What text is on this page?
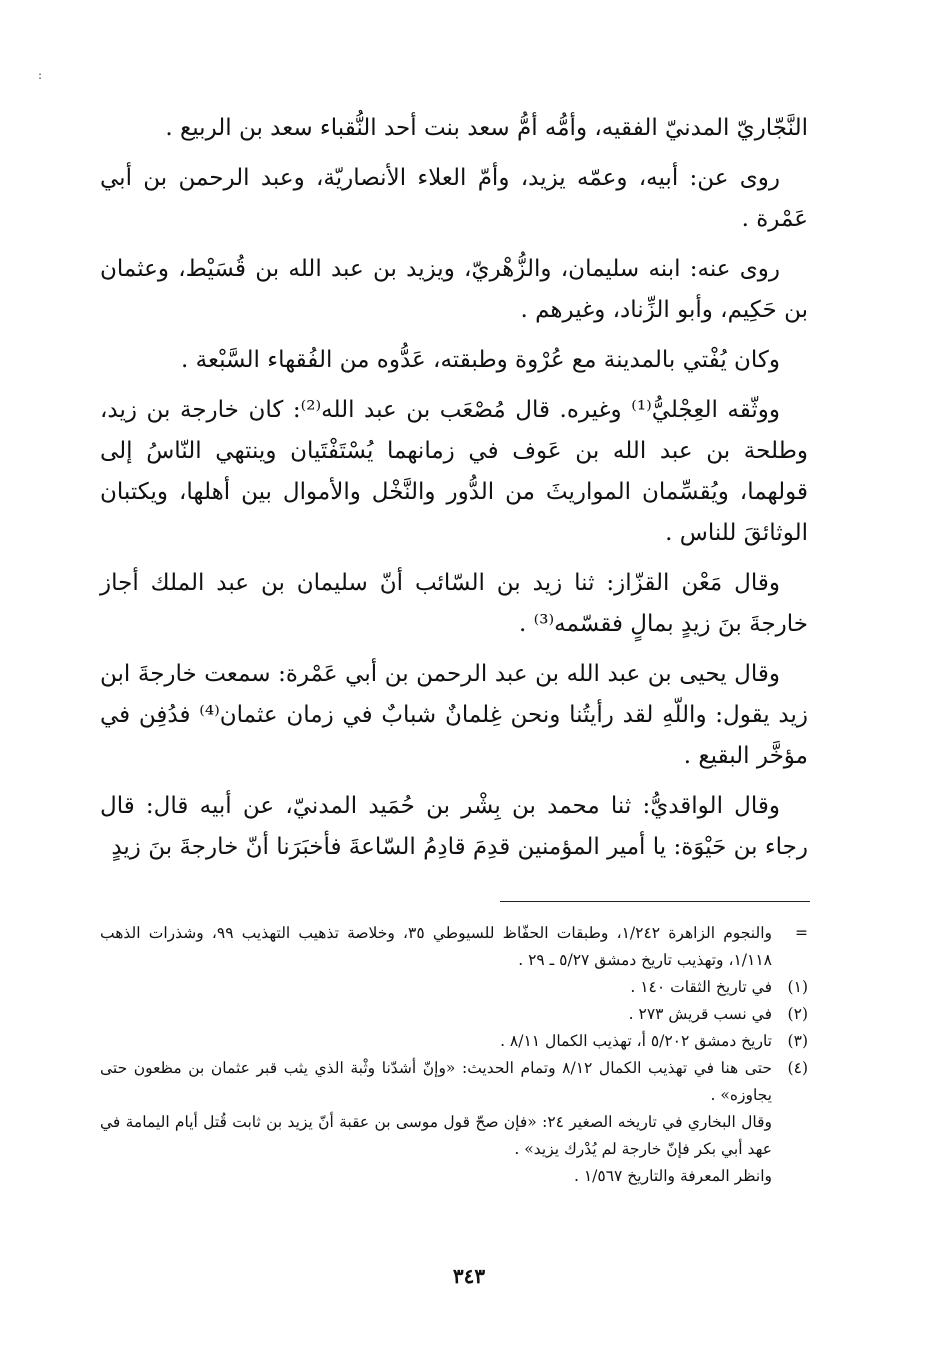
:

النَّجّاريّ المدنيّ الفقيه، وأمُّه أمُّ سعد بنت أحد النُّقباء سعد بن الربيع .

روى عن: أبيه، وعمّه يزيد، وأمّ العلاء الأنصاريّة، وعبد الرحمن بن أبي عَمْرة .

روى عنه: ابنه سليمان، والزُّهْريّ، ويزيد بن عبد الله بن قُسَيْط، وعثمان بن حَكِيم، وأبو الزِّناد، وغيرهم .

وكان يُفْتي بالمدينة مع عُرْوة وطبقته، عَدُّوه من الفُقهاء السَّبْعة .

ووثّقه العِجْليُّ⁽¹⁾ وغيره. قال مُصْعَب بن عبد الله⁽²⁾: كان خارجة بن زيد، وطلحة بن عبد الله بن عَوف في زمانهما يُسْتَفْتَيان وينتهي النّاسُ إلى قولهما، ويُقسِّمان المواريثَ من الدُّور والنَّخْل والأموال بين أهلها، ويكتبان الوثائقَ للناس .

وقال مَعْن القزّاز: ثنا زيد بن السّائب أنّ سليمان بن عبد الملك أجاز خارجةَ بنَ زيدٍ بمالٍ فقسّمه⁽³⁾ .

وقال يحيى بن عبد الله بن عبد الرحمن بن أبي عَمْرة: سمعت خارجةَ ابن زيد يقول: واللّهِ لقد رأيتُنا ونحن غِلمانٌ شبابٌ في زمان عثمان⁽⁴⁾ فدُفِن في مؤخَّر البقيع .

وقال الواقديُّ: ثنا محمد بن بِشْر بن حُمَيد المدنيّ، عن أبيه قال: قال رجاء بن حَيْوَة: يا أمير المؤمنين قدِمَ قادِمُ السّاعةَ فأخبَرَنا أنّ خارجةَ بنَ زيدٍ

=
والنجوم الزاهرة ١/٢٤٢، وطبقات الحفّاظ للسيوطي ٣٥، وخلاصة تذهيب التهذيب ٩٩، وشذرات الذهب ١/١١٨، وتهذيب تاريخ دمشق ٥/٢٧ ـ ٢٩ .
(١)
في تاريخ الثقات ١٤٠ .
(٢)
في نسب قريش ٢٧٣ .
(٣)
تاريخ دمشق ٥/٢٠٢ أ، تهذيب الكمال ٨/١١ .
(٤)
حتى هنا في تهذيب الكمال ٨/١٢ وتمام الحديث: «وإنّ أشدّنا وثْبة الذي يثب قبر عثمان بن مظعون حتى يجاوزه» .
وقال البخاري في تاريخه الصغير ٢٤: «فإن صحّ قول موسى بن عقبة أنّ يزيد بن ثابت قُتل أيام اليمامة في عهد أبي بكر فإنّ خارجة لم يُدْرك يزيد» .
وانظر المعرفة والتاريخ ١/٥٦٧ .
٣٤٣
